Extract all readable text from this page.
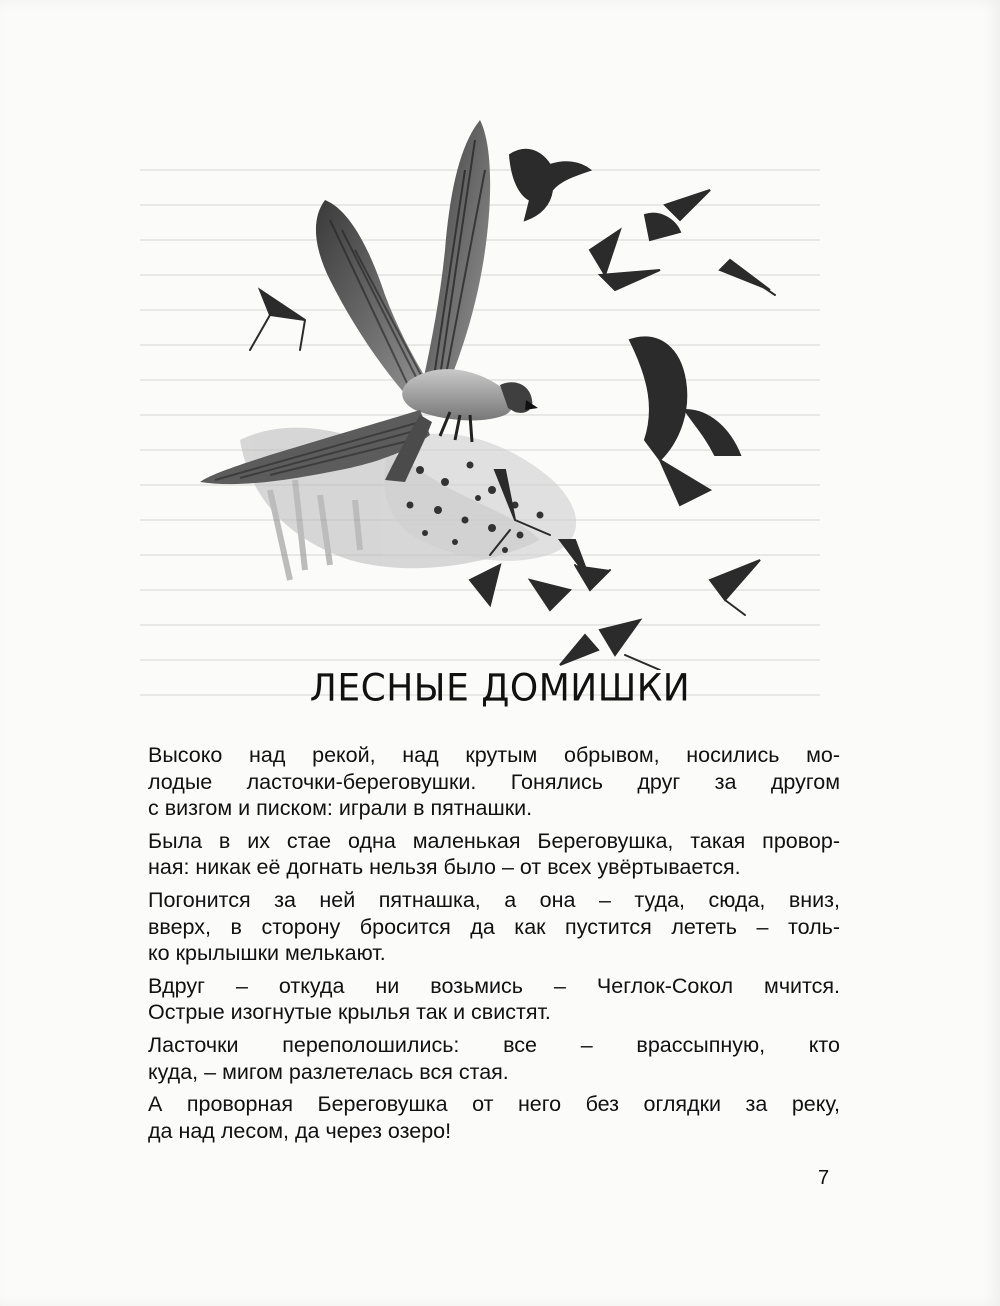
ЛЕСНЫЕ ДОМИШКИ

Высоко над рекой, над крутым обрывом, носились мо-
лодые ласточки-береговушки. Гонялись друг за другом
с визгом и писком: играли в пятнашки.

Была в их стае одна маленькая Береговушка, такая провор-
ная: никак её догнать нельзя было – от всех увёртывается.

Погонится за ней пятнашка, а она – туда, сюда, вниз,
вверх, в сторону бросится да как пустится лететь – толь-
ко крылышки мелькают.

Вдруг – откуда ни возьмись – Чеглок-Сокол мчится.
Острые изогнутые крылья так и свистят.

Ласточки переполошились: все – врассыпную, кто
куда, – мигом разлетелась вся стая.

А проворная Береговушка от него без оглядки за реку,
да над лесом, да через озеро!

7
